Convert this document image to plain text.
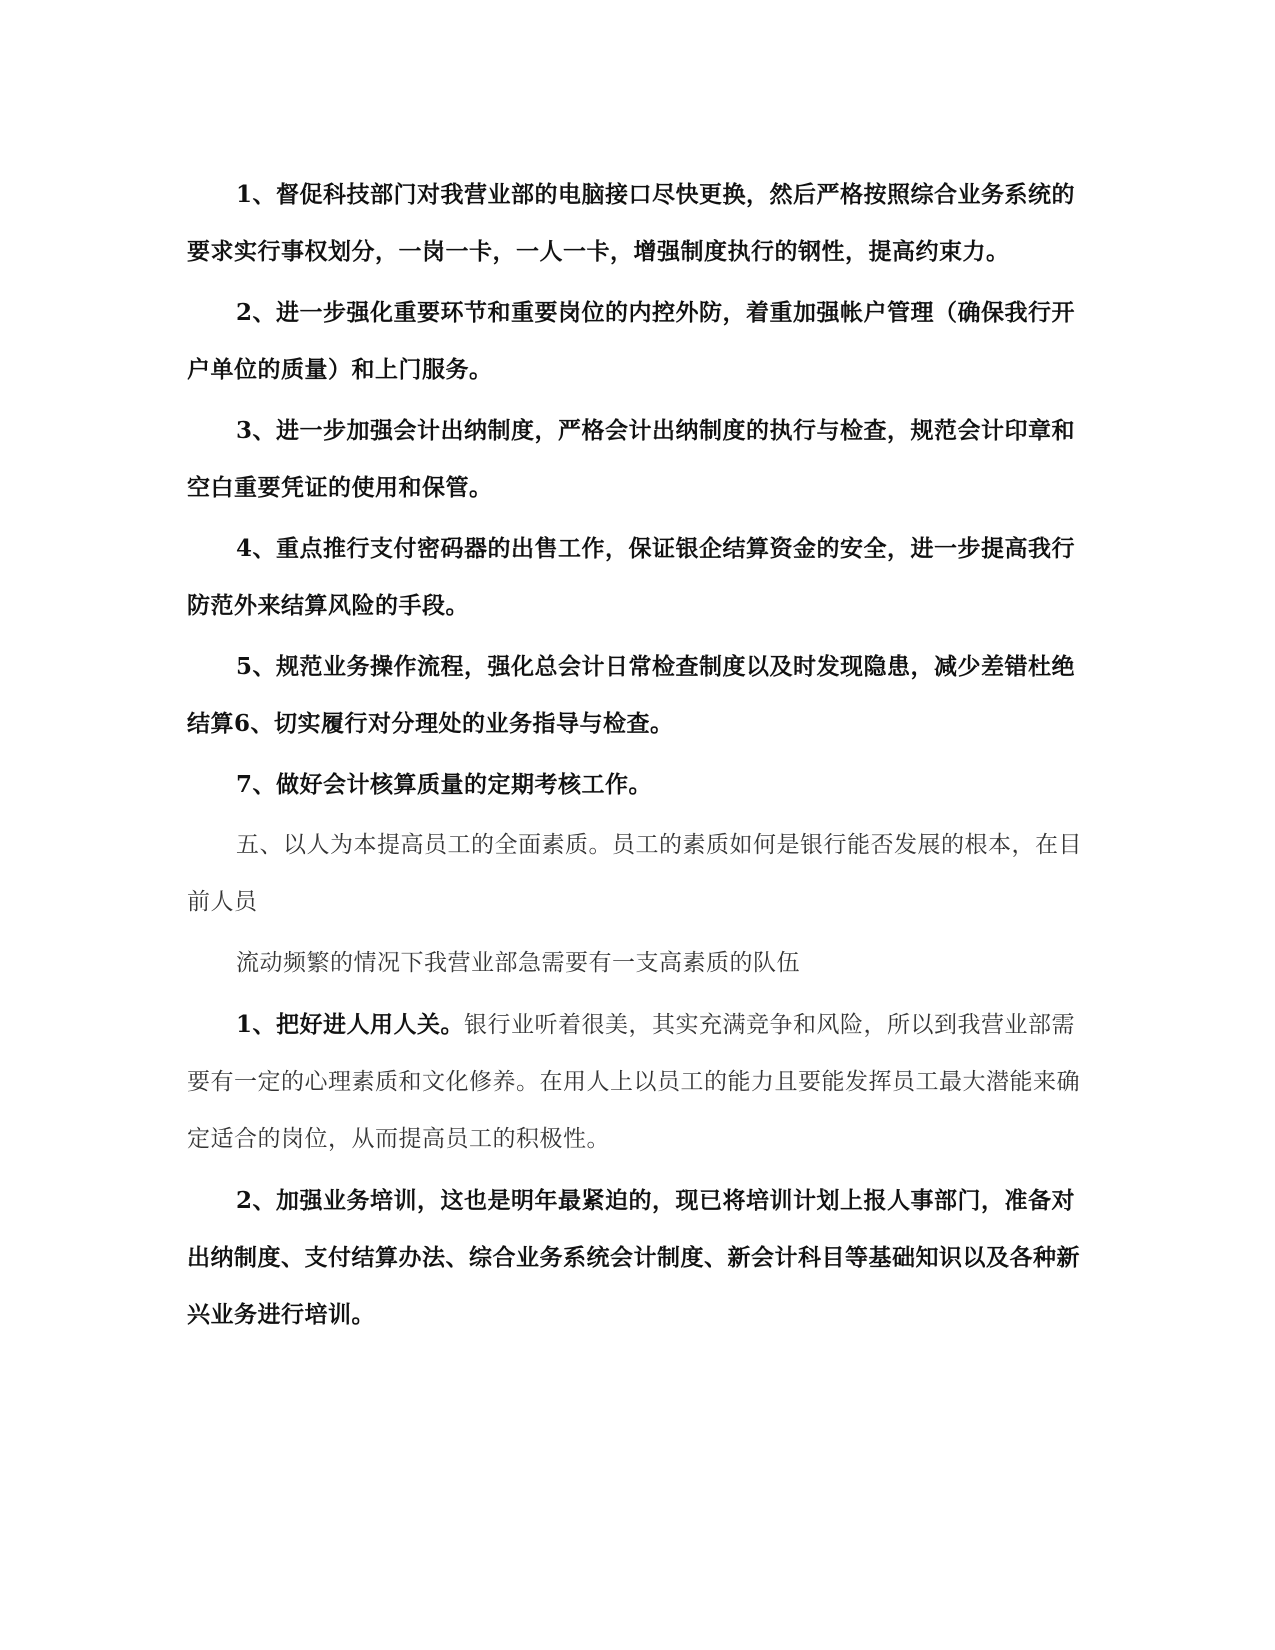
1、督促科技部门对我营业部的电脑接口尽快更换，然后严格按照综合业务系统的要求实行事权划分，一岗一卡，一人一卡，增强制度执行的钢性，提高约束力。

2、进一步强化重要环节和重要岗位的内控外防，着重加强帐户管理（确保我行开户单位的质量）和上门服务。

3、进一步加强会计出纳制度，严格会计出纳制度的执行与检查，规范会计印章和空白重要凭证的使用和保管。

4、重点推行支付密码器的出售工作，保证银企结算资金的安全，进一步提高我行防范外来结算风险的手段。

5、规范业务操作流程，强化总会计日常检查制度以及时发现隐患，减少差错杜绝结算6、切实履行对分理处的业务指导与检查。

7、做好会计核算质量的定期考核工作。

五、以人为本提高员工的全面素质。员工的素质如何是银行能否发展的根本，在目前人员

流动频繁的情况下我营业部急需要有一支高素质的队伍

1、把好进人用人关。银行业听着很美，其实充满竞争和风险，所以到我营业部需要有一定的心理素质和文化修养。在用人上以员工的能力且要能发挥员工最大潜能来确定适合的岗位，从而提高员工的积极性。

2、加强业务培训，这也是明年最紧迫的，现已将培训计划上报人事部门，准备对出纳制度、支付结算办法、综合业务系统会计制度、新会计科目等基础知识以及各种新兴业务进行培训。
